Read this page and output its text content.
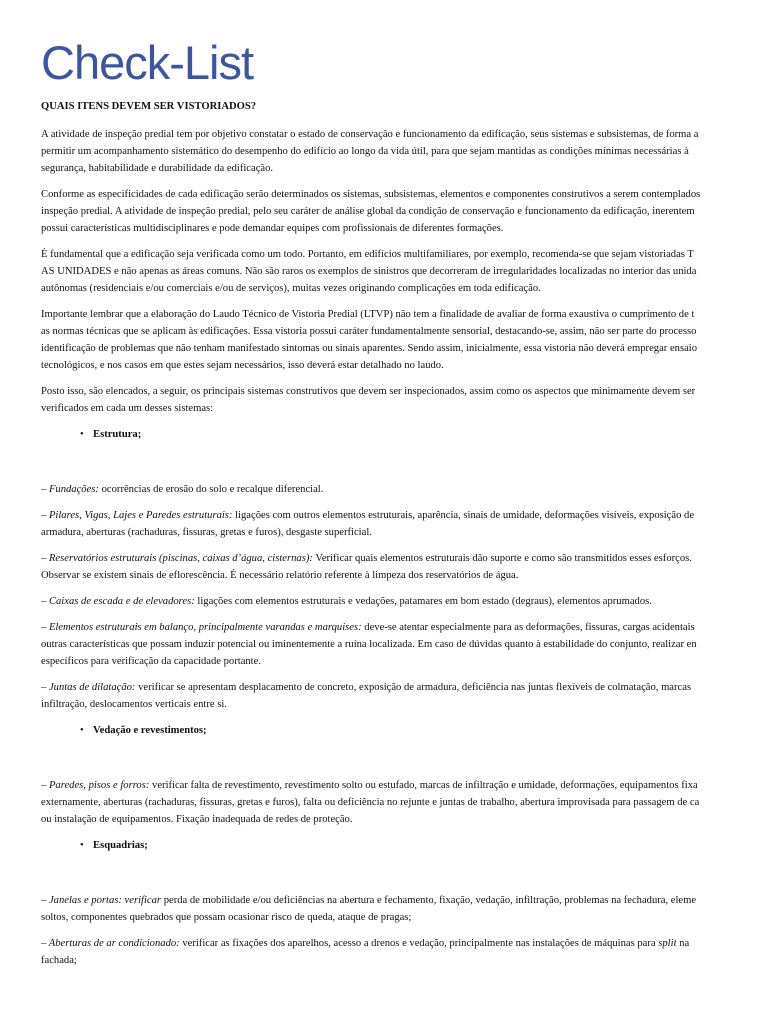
Check-List

QUAIS ITENS DEVEM SER VISTORIADOS?

A atividade de inspeção predial tem por objetivo constatar o estado de conservação e funcionamento da edificação, seus sistemas e subsistemas, de forma a
permitir um acompanhamento sistemático do desempenho do edifício ao longo da vida útil, para que sejam mantidas as condições mínimas necessárias à
segurança, habitabilidade e durabilidade da edificação.

Conforme as especificidades de cada edificação serão determinados os sistemas, subsistemas, elementos e componentes construtivos a serem contemplados
inspeção predial. A atividade de inspeção predial, pelo seu caráter de análise global da condição de conservação e funcionamento da edificação, inerentem
possui características multidisciplinares e pode demandar equipes com profissionais de diferentes formações.

É fundamental que a edificação seja verificada como um todo. Portanto, em edifícios multifamiliares, por exemplo, recomenda-se que sejam vistoriadas T
AS UNIDADES e não apenas as áreas comuns. Não são raros os exemplos de sinistros que decorreram de irregularidades localizadas no interior das unida
autônomas (residenciais e/ou comerciais e/ou de serviços), muitas vezes originando complicações em toda edificação.

Importante lembrar que a elaboração do Laudo Técnico de Vistoria Predial (LTVP) não tem a finalidade de avaliar de forma exaustiva o cumprimento de t
as normas técnicas que se aplicam às edificações. Essa vistoria possui caráter fundamentalmente sensorial, destacando-se, assim, não ser parte do processo
identificação de problemas que não tenham manifestado sintomas ou sinais aparentes. Sendo assim, inicialmente, essa vistoria não deverá empregar ensaio
tecnológicos, e nos casos em que estes sejam necessários, isso deverá estar detalhado no laudo.

Posto isso, são elencados, a seguir, os principais sistemas construtivos que devem ser inspecionados, assim como os aspectos que minimamente devem ser
verificados em cada um desses sistemas:

• Estrutura;

– Fundações: ocorrências de erosão do solo e recalque diferencial.

– Pilares, Vigas, Lajes e Paredes estruturais: ligações com outros elementos estruturais, aparência, sinais de umidade, deformações visíveis, exposição de
armadura, aberturas (rachaduras, fissuras, gretas e furos), desgaste superficial.

– Reservatórios estruturais (piscinas, caixas d’água, cisternas): Verificar quais elementos estruturais dão suporte e como são transmitidos esses esforços.
Observar se existem sinais de eflorescência. É necessário relatório referente à limpeza dos reservatórios de água.

– Caixas de escada e de elevadores: ligações com elementos estruturais e vedações, patamares em bom estado (degraus), elementos aprumados.

– Elementos estruturais em balanço, principalmente varandas e marquises: deve-se atentar especialmente para as deformações, fissuras, cargas acidentais
outras características que possam induzir potencial ou iminentemente a ruína localizada. Em caso de dúvidas quanto à estabilidade do conjunto, realizar en
específicos para verificação da capacidade portante.

– Juntas de dilatação: verificar se apresentam desplacamento de concreto, exposição de armadura, deficiência nas juntas flexíveis de colmatação, marcas
infiltração, deslocamentos verticais entre si.

• Vedação e revestimentos;

– Paredes, pisos e forros: verificar falta de revestimento, revestimento solto ou estufado, marcas de infiltração e umidade, deformações, equipamentos fixa
externamente, aberturas (rachaduras, fissuras, gretas e furos), falta ou deficiência no rejunte e juntas de trabalho, abertura improvisada para passagem de ca
ou instalação de equipamentos. Fixação inadequada de redes de proteção.

• Esquadrias;

– Janelas e portas: verificar perda de mobilidade e/ou deficiências na abertura e fechamento, fixação, vedação, infiltração, problemas na fechadura, eleme
soltos, componentes quebrados que possam ocasionar risco de queda, ataque de pragas;

– Aberturas de ar condicionado: verificar as fixações dos aparelhos, acesso a drenos e vedação, principalmente nas instalações de máquinas para split na
fachada;
